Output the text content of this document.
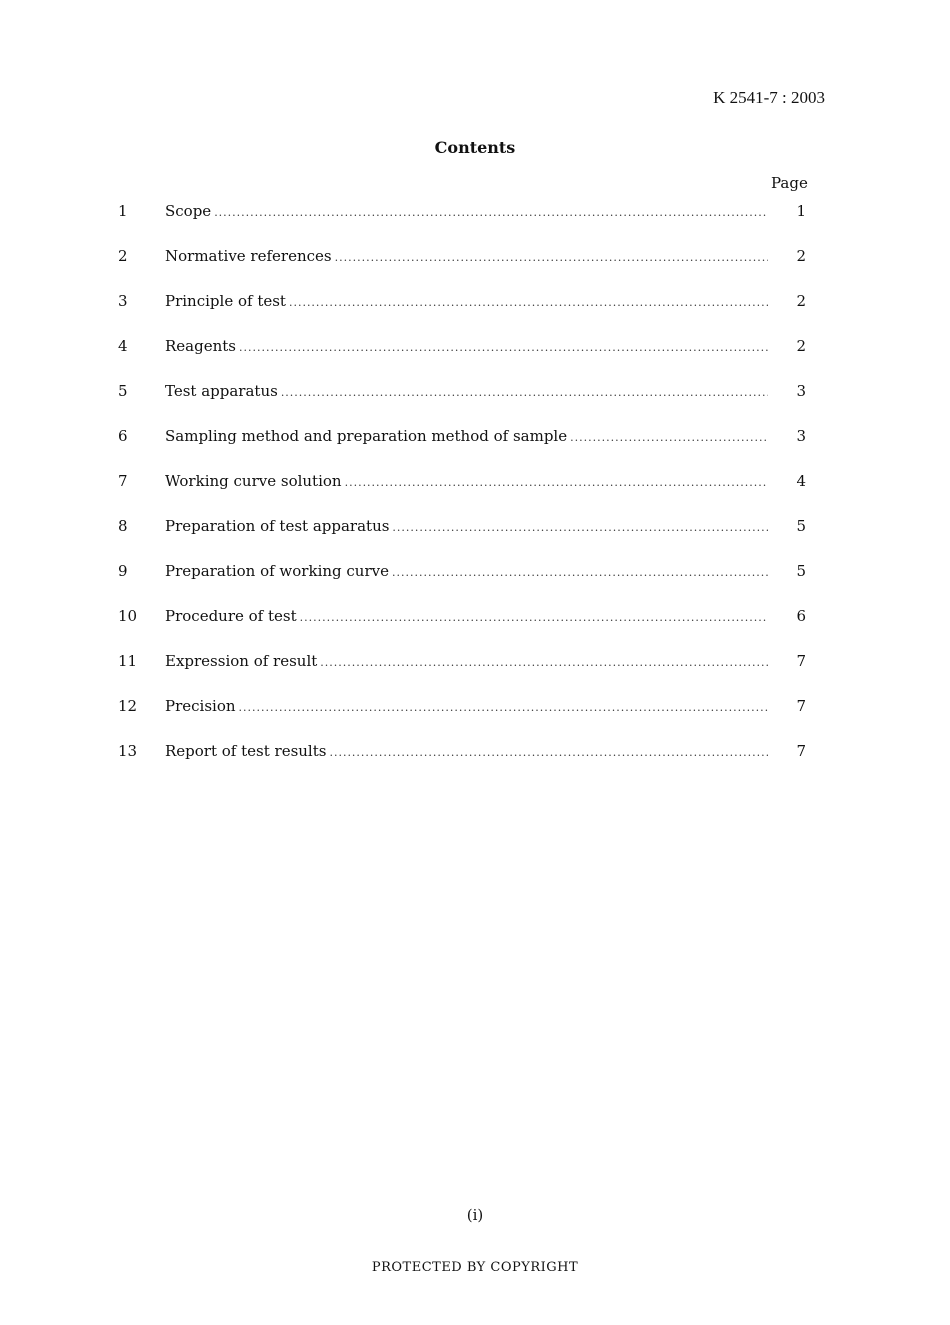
K 2541-7 : 2003
Contents
Page
1	Scope .....	1
2	Normative references .....	2
3	Principle of test .....	2
4	Reagents .....	2
5	Test apparatus .....	3
6	Sampling method and preparation method of sample .....	3
7	Working curve solution .....	4
8	Preparation of test apparatus .....	5
9	Preparation of working curve .....	5
10	Procedure of test .....	6
11	Expression of result .....	7
12	Precision .....	7
13	Report of test results .....	7
(i)
PROTECTED BY COPYRIGHT
